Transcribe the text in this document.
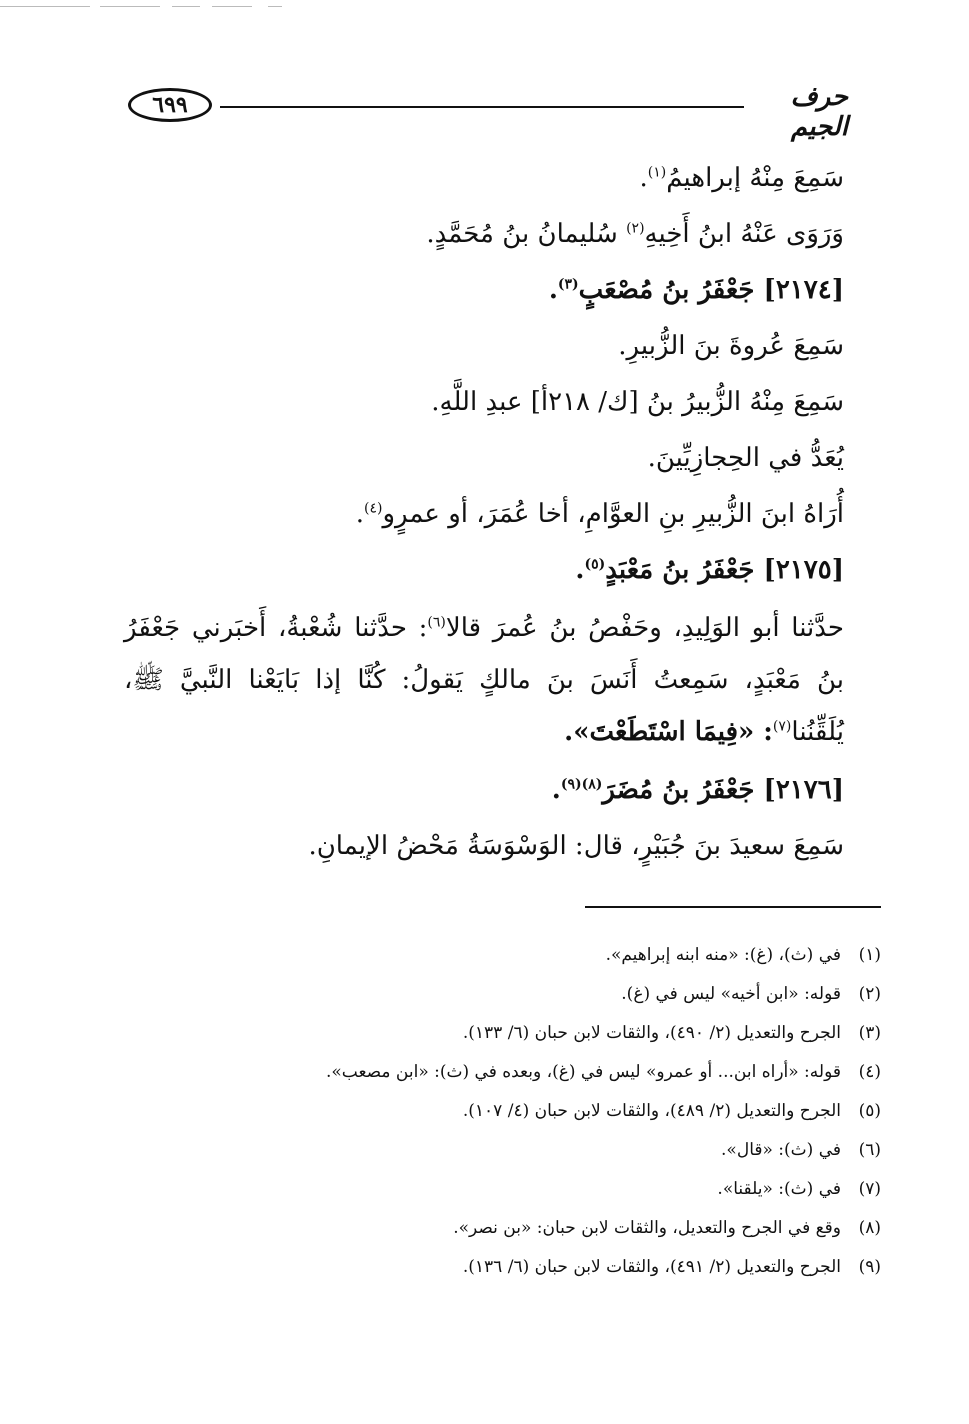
٦٩٩	حرف الجيم
سَمِعَ مِنْهُ إبراهيمُ$^{(١)}$.
وَرَوَى عَنْهُ ابنُ أَخِيهِ$^{(٢)}$ سُليمانُ بنُ مُحَمَّدٍ.
[٢١٧٤] جَعْفَرُ بنُ مُصْعَبٍ$^{(٣)}$.
سَمِعَ عُروةَ بنَ الزُّبيرِ.
سَمِعَ مِنْهُ الزُّبيرُ بنُ [ك/ ٢١٨أ] عبدِ اللَّهِ.
يُعَدُّ في الحِجازِيِّينَ.
أُرَاهُ ابنَ الزُّبيرِ بنِ العوَّامِ، أخا عُمَرَ، أو عمرٍو$^{(٤)}$.
[٢١٧٥] جَعْفَرُ بنُ مَعْبَدٍ$^{(٥)}$.
حدَّثنا أبو الوَلِيدِ، وحَفْصُ بنُ عُمرَ قالا$^{(٦)}$: حدَّثنا شُعْبةُ، أَخبَرني جَعْفَرُ بنُ مَعْبَدٍ، سَمِعتُ أَنَسَ بنَ مالكٍ يَقولُ: كُنَّا إذا بَايَعْنا النَّبيَّ ﷺ، يُلَقِّنُنا$^{(٧)}$: «فِيمَا اسْتَطَعْتَ».
[٢١٧٦] جَعْفَرُ بنُ مُضَرَ$^{(٨)(٩)}$.
سَمِعَ سعيدَ بنَ جُبَيْرٍ، قال: الوَسْوَسَةُ مَحْضُ الإيمانِ.
(١)في (ث)، (غ): «منه ابنه إبراهيم».
(٢)قوله: «ابن أخيه» ليس في (غ).
(٣)الجرح والتعديل (٢/ ٤٩٠)، والثقات لابن حبان (٦/ ١٣٣).
(٤)قوله: «أراه ابن... أو عمرو» ليس في (غ)، وبعده في (ث): «ابن مصعب».
(٥)الجرح والتعديل (٢/ ٤٨٩)، والثقات لابن حبان (٤/ ١٠٧).
(٦)في (ث): «قال».
(٧)في (ث): «يلقنا».
(٨)وقع في الجرح والتعديل، والثقات لابن حبان: «بن نصر».
(٩)الجرح والتعديل (٢/ ٤٩١)، والثقات لابن حبان (٦/ ١٣٦).
